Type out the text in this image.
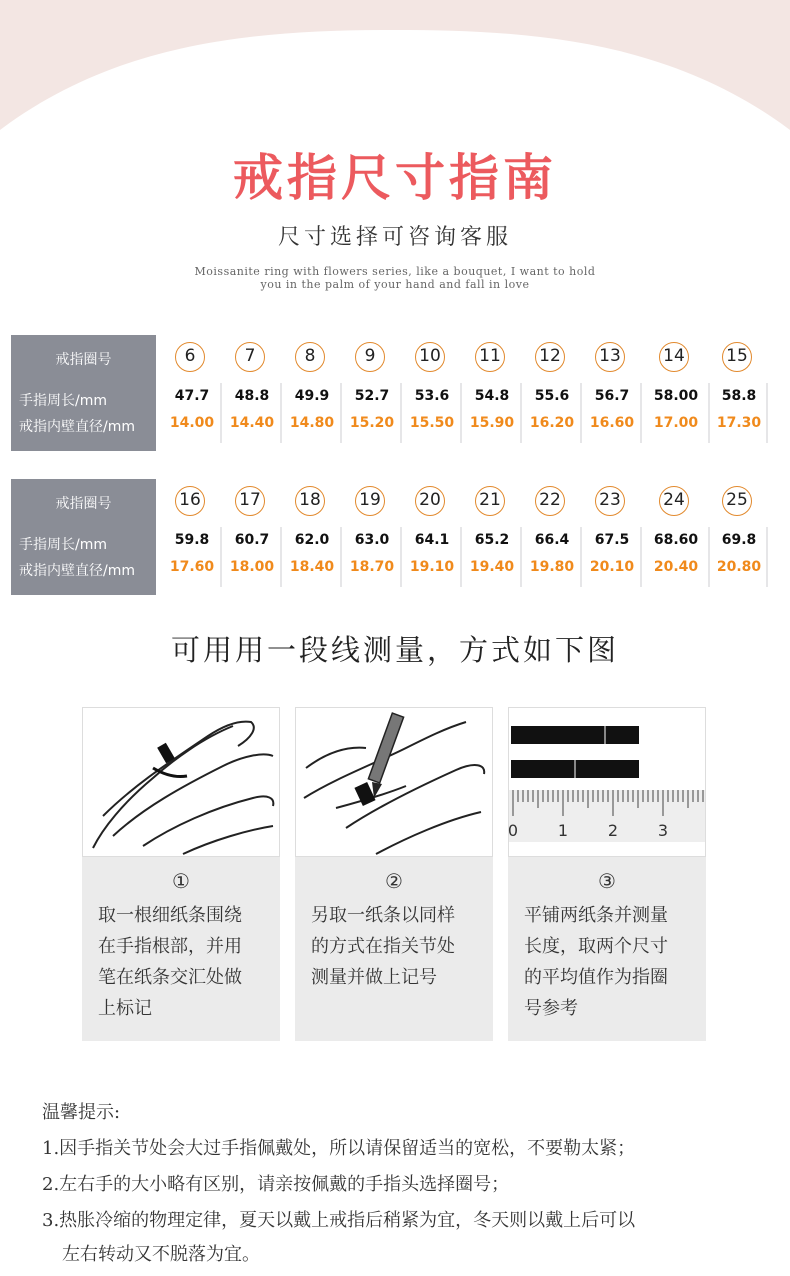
戒指尺寸指南
尺寸选择可咨询客服
Moissanite ring with flowers series, like a bouquet, I want to hold
you in the palm of your hand and fall in love
戒指圈号
手指周长/mm
戒指内壁直径/mm
6
47.7
14.00
7
48.8
14.40
8
49.9
14.80
9
52.7
15.20
10
53.6
15.50
11
54.8
15.90
12
55.6
16.20
13
56.7
16.60
14
58.00
17.00
15
58.8
17.30
戒指圈号
手指周长/mm
戒指内壁直径/mm
16
59.8
17.60
17
60.7
18.00
18
62.0
18.40
19
63.0
18.70
20
64.1
19.10
21
65.2
19.40
22
66.4
19.80
23
67.5
20.10
24
68.60
20.40
25
69.8
20.80
可用用一段线测量，方式如下图
①
取一根细纸条围绕
在手指根部，并用
笔在纸条交汇处做
上标记
②
另取一纸条以同样
的方式在指关节处
测量并做上记号
0 1 2 3
③
平铺两纸条并测量
长度，取两个尺寸
的平均值作为指圈
号参考
温馨提示:
1.因手指关节处会大过手指佩戴处，所以请保留适当的宽松，不要勒太紧；
2.左右手的大小略有区别，请亲按佩戴的手指头选择圈号；
3.热胀冷缩的物理定律，夏天以戴上戒指后稍紧为宜，冬天则以戴上后可以
左右转动又不脱落为宜。
